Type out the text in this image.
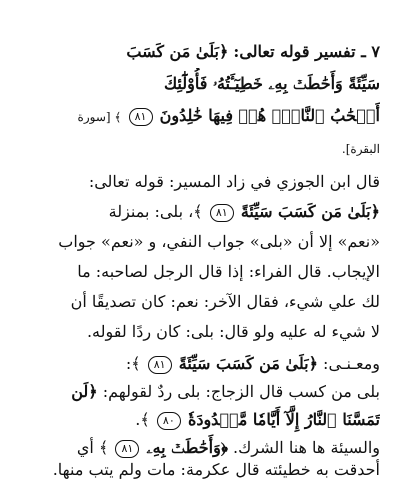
٧ ـ تفسير قوله تعالى: ﴿بَلَىٰ مَن كَسَبَ
سَيِّئَةً وَأَحَٰطَتۡ بِهِۦ خَطِيٓـَٔتُهُۥ فَأُوْلَٰٓئِكَ
أَصۡحَٰبُ ٱلنَّارِۖ هُمۡ فِيهَا خَٰلِدُونَ ٨١ ﴾ [سورة
البقرة].
قال ابن الجوزي في زاد المسير: قوله تعالى:
﴿بَلَىٰ مَن كَسَبَ سَيِّئَةً ٨١ ﴾، بلى: بمنزلة
«نعم» إلا أن «بلى» جواب النفي، و «نعم» جواب
الإيجاب. قال الفراء: إذا قال الرجل لصاحبه: ما
لك علي شيء، فقال الآخر: نعم: كان تصديقًا أن
لا شيء له عليه ولو قال: بلى: كان ردًا لقوله.
ومعـنـى: ﴿بَلَىٰ مَن كَسَبَ سَيِّئَةً ٨١ ﴾:
بلى من كسب قال الزجاج: بلى ردٌ لقولهم: ﴿لَن
تَمَسَّنَا ٱلنَّارُ إِلَّآ أَيَّامٗا مَّعۡدُودَةٗ ٨٠ ﴾.
والسيئة ها هنا الشرك. ﴿وَأَحَٰطَتۡ بِهِۦ ٨١ ﴾ أي
أحدقت به خطيئته قال عكرمة: مات ولم يتب منها.
